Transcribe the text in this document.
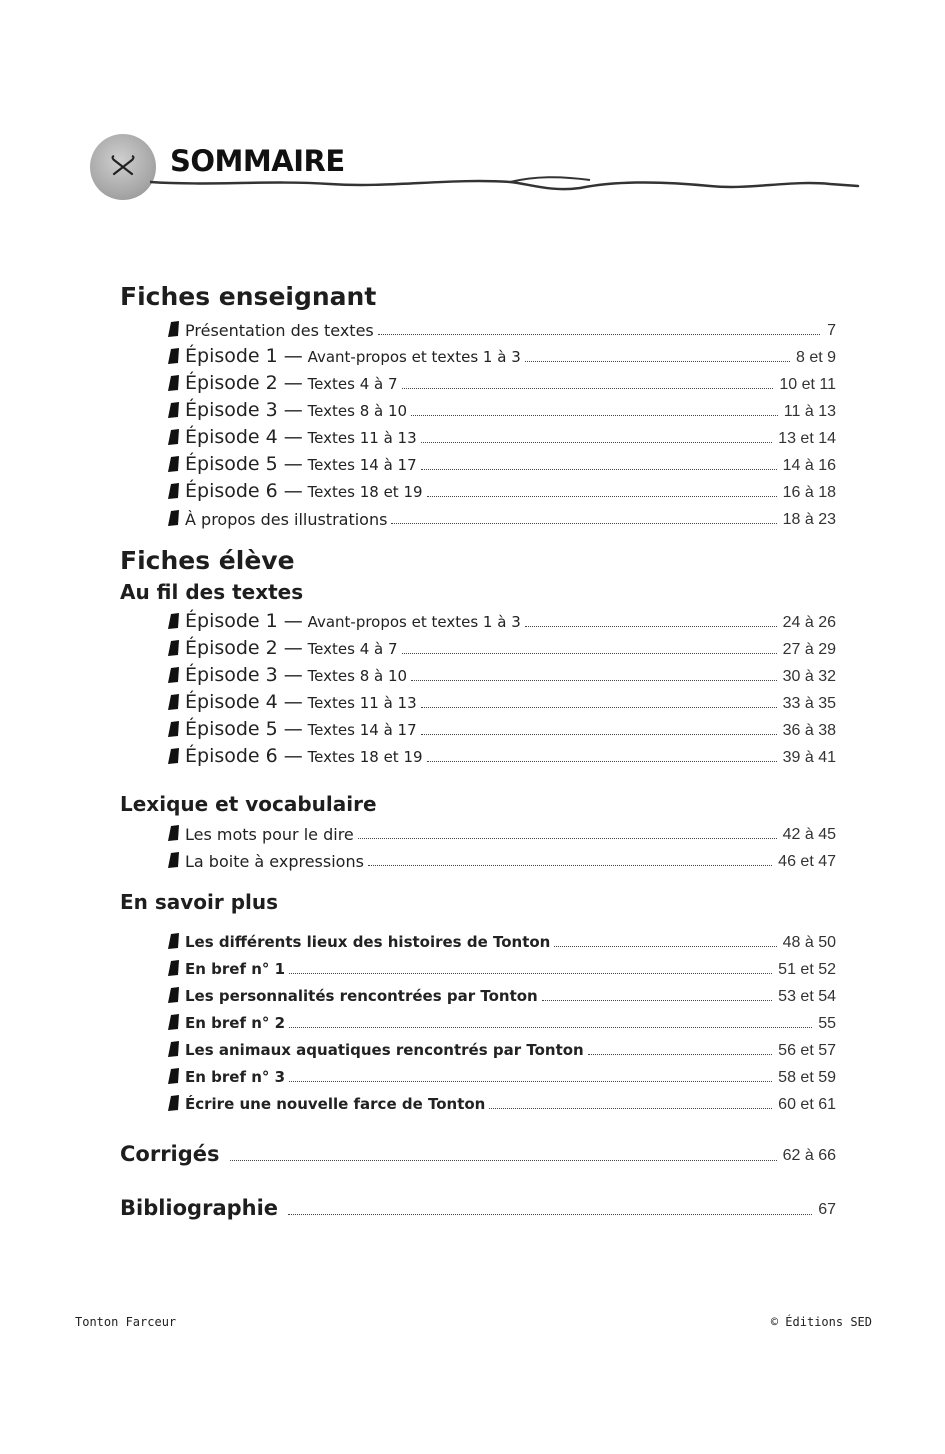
SOMMAIRE
Fiches enseignant
Présentation des textes	7
Épisode 1 — Avant-propos et textes 1 à 3	8 et 9
Épisode 2 — Textes 4 à 7	10 et 11
Épisode 3 — Textes 8 à 10	11 à 13
Épisode 4 — Textes 11 à 13	13 et 14
Épisode 5 — Textes 14 à 17	14 à 16
Épisode 6 — Textes 18 et 19	16 à 18
À propos des illustrations	18 à 23
Fiches élève
Au fil des textes
Épisode 1 — Avant-propos et textes 1 à 3	24 à 26
Épisode 2 — Textes 4 à 7	27 à 29
Épisode 3 — Textes 8 à 10	30 à 32
Épisode 4 — Textes 11 à 13	33 à 35
Épisode 5 — Textes 14 à 17	36 à 38
Épisode 6 — Textes 18 et 19	39 à 41
Lexique et vocabulaire
Les mots pour le dire	42 à 45
La boite à expressions	46 et 47
En savoir plus
Les différents lieux des histoires de Tonton	48 à 50
En bref n° 1	51 et 52
Les personnalités rencontrées par Tonton	53 et 54
En bref n° 2	55
Les animaux aquatiques rencontrés par Tonton	56 et 57
En bref n° 3	58 et 59
Écrire une nouvelle farce de Tonton	60 et 61
Corrigés	62 à 66
Bibliographie	67
Tonton Farceur	© Éditions SED
